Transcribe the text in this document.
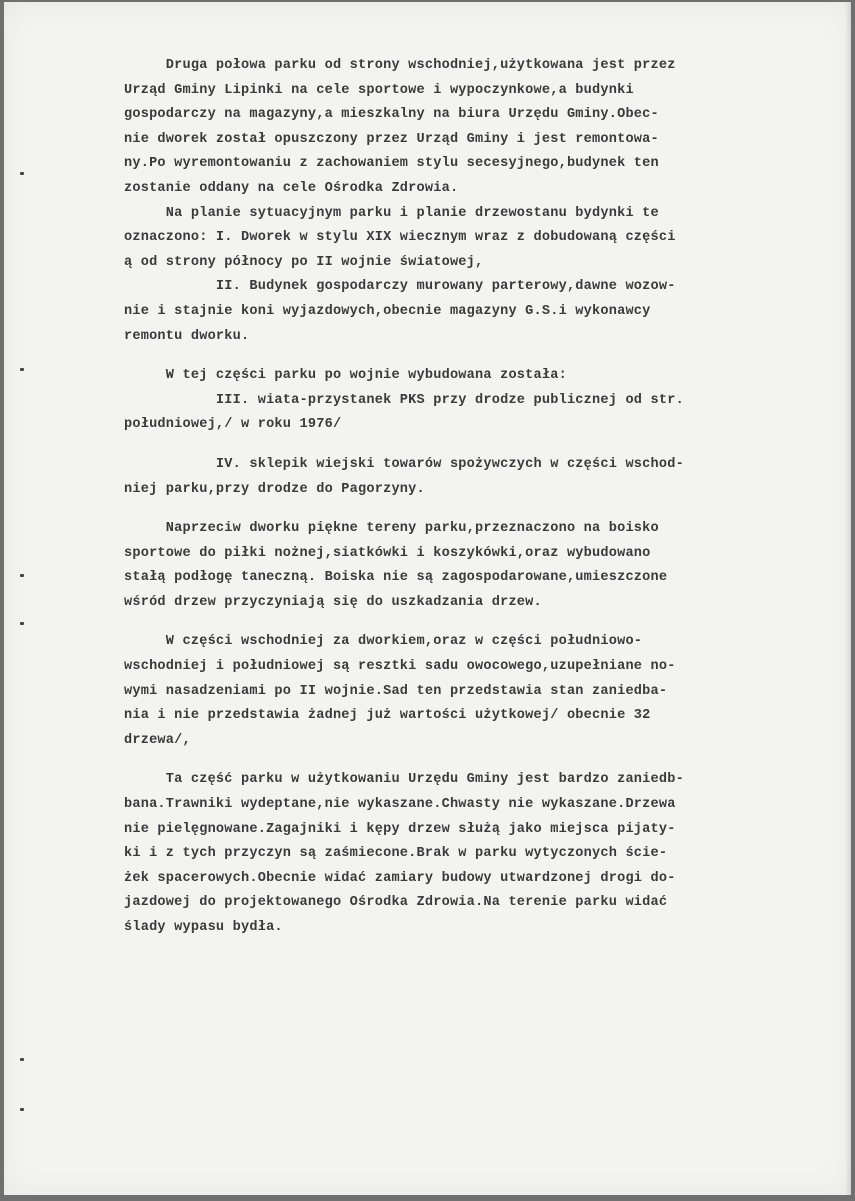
Druga połowa parku od strony wschodniej,użytkowana jest przez
Urząd Gminy Lipinki na cele sportowe i wypoczynkowe,a budynki
gospodarczy na magazyny,a mieszkalny na biura Urzędu Gminy.Obec-
nie dworek został opuszczony przez Urząd Gminy i jest remontowa-
ny.Po wyremontowaniu z zachowaniem stylu secesyjnego,budynek ten
zostanie oddany na cele Ośrodka Zdrowia.
Na planie sytuacyjnym parku i planie drzewostanu bydynki te
oznaczono: I. Dworek w stylu XIX wiecznym wraz z dobudowaną części
ą od strony północy po II wojnie światowej,
II. Budynek gospodarczy murowany parterowy,dawne wozow-
nie i stajnie koni wyjazdowych,obecnie magazyny G.S.i wykonawcy
remontu dworku.
W tej części parku po wojnie wybudowana została:
III. wiata-przystanek PKS przy drodze publicznej od str.
południowej,/ w roku 1976/
IV. sklepik wiejski towarów spożywczych w części wschod-
niej parku,przy drodze do Pagorzyny.
Naprzeciw dworku piękne tereny parku,przeznaczono na boisko
sportowe do piłki nożnej,siatkówki i koszykówki,oraz wybudowano
stałą podłogę taneczną. Boiska nie są zagospodarowane,umieszczone
wśród drzew przyczyniają się do uszkadzania drzew.
W części wschodniej za dworkiem,oraz w części południowo-
wschodniej i południowej są resztki sadu owocowego,uzupełniane no-
wymi nasadzeniami po II wojnie.Sad ten przedstawia stan zaniedba-
nia i nie przedstawia żadnej już wartości użytkowej/ obecnie 32
drzewa/,
Ta część parku w użytkowaniu Urzędu Gminy jest bardzo zaniedb-
bana.Trawniki wydeptane,nie wykaszane.Chwasty nie wykaszane.Drzewa
nie pielęgnowane.Zagajniki i kępy drzew służą jako miejsca pijaty-
ki i z tych przyczyn są zaśmiecone.Brak w parku wytyczonych ście-
żek spacerowych.Obecnie widać zamiary budowy utwardzonej drogi do-
jazdowej do projektowanego Ośrodka Zdrowia.Na terenie parku widać
ślady wypasu bydła.
